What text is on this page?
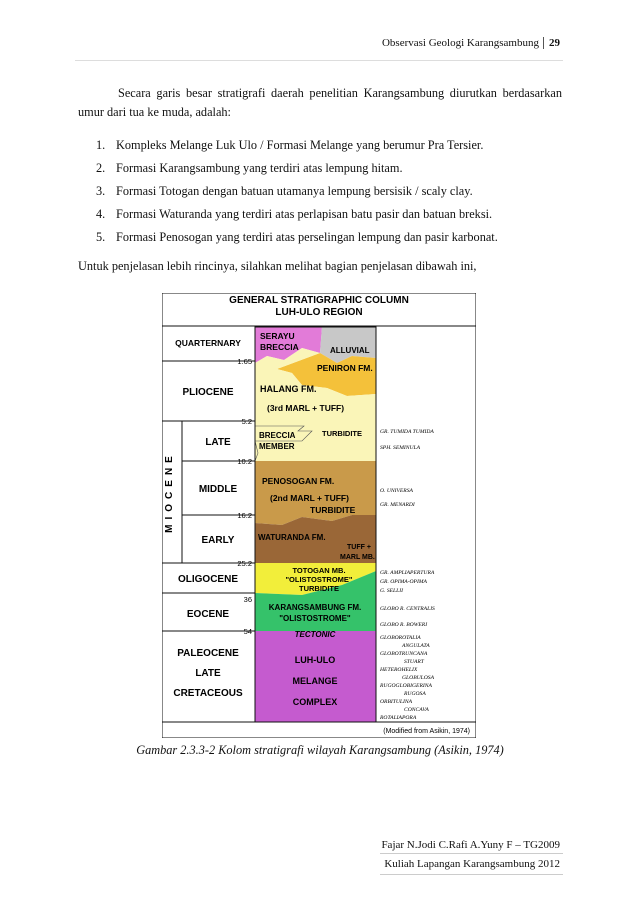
Observasi Geologi Karangsambung 29

Secara garis besar stratigrafi daerah penelitian Karangsambung diurutkan berdasarkan umur dari tua ke muda, adalah:

1. Kompleks Melange Luk Ulo / Formasi Melange yang berumur Pra Tersier.
2. Formasi Karangsambung yang terdiri atas lempung hitam.
3. Formasi Totogan dengan batuan utamanya lempung bersisik / scaly clay.
4. Formasi Waturanda yang terdiri atas perlapisan batu pasir dan batuan breksi.
5. Formasi Penosogan yang terdiri atas perselingan lempung dan pasir karbonat.

Untuk penjelasan lebih rincinya, silahkan melihat bagian penjelasan dibawah ini,

GENERAL STRATIGRAPHIC COLUMN
LUH-ULO REGION
QUARTERNARY
PLIOCENE
LATE
MIDDLE
EARLY
OLIGOCENE
EOCENE
PALEOCENE
LATE
CRETACEOUS
MIOCENE
1.65
5.2
10.2
16.2
25.2
36
54
SERAYU
BRECCIA	ALLUVIAL
PENIRON FM.
HALANG FM.
(3rd MARL + TUFF)
BRECCIA
MEMBER
TURBIDITE
PENOSOGAN FM.
(2nd MARL + TUFF)
TURBIDITE
WATURANDA FM.
TUFF +
MARL MB.
TOTOGAN MB.
"OLISTOSTROME"
TURBIDITE
KARANGSAMBUNG FM.
"OLISTOSTROME"
TECTONIC
LUH-ULO
MELANGE
COMPLEX
GR. TUMIDA TUMIDA
SPH. SEMINULA
O. UNIVERSA
GR. MENARDI
GR. AMPLIAPERTURA
GR. OPIMA-OPIMA
G. SELLII
GLOBO R. CENTRALIS
GLOBO R. BOWERI
GLOBOROTALIA
ANGULATA
GLOBOTRUNCANA
STUART
HETEROHELIX
GLOBULOSA
RUGOGLOBIGERINA
RUGOSA
ORBITULINA
CONCAVA
ROTALIAPORA
(Modified from Asikin, 1974)

Gambar 2.3.3-2 Kolom stratigrafi wilayah Karangsambung (Asikin, 1974)

Fajar N.Jodi C.Rafi A.Yuny F – TG2009

Kuliah Lapangan Karangsambung 2012
